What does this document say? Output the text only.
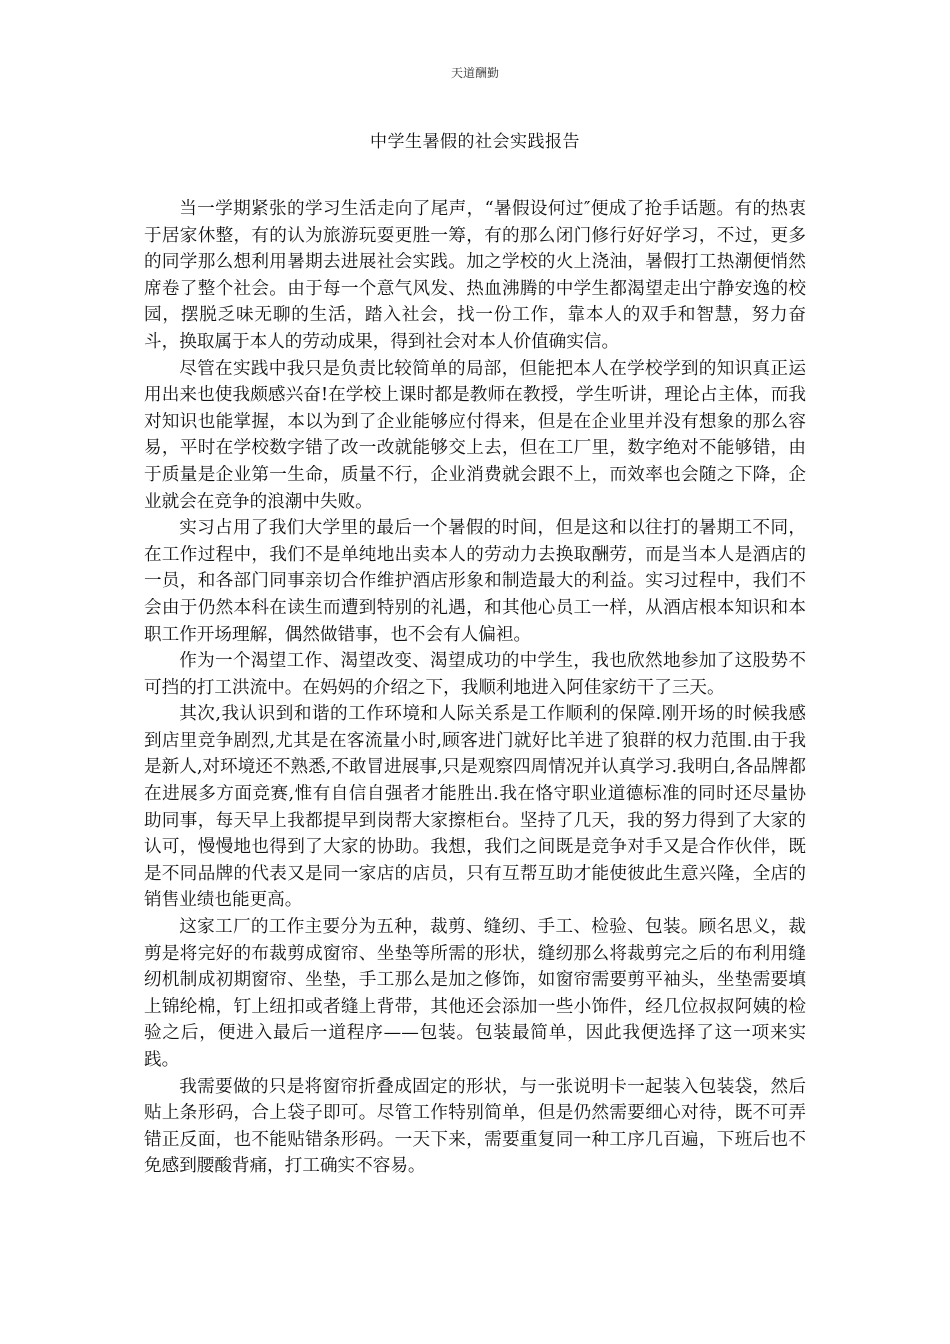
天道酬勤
中学生暑假的社会实践报告

当一学期紧张的学习生活走向了尾声，“暑假设何过″便成了抢手话题。有的热衷于居家休整，有的认为旅游玩耍更胜一筹，有的那么闭门修行好好学习，不过，更多的同学那么想利用暑期去进展社会实践。加之学校的火上浇油，暑假打工热潮便悄然席卷了整个社会。由于每一个意气风发、热血沸腾的中学生都渴望走出宁静安逸的校园，摆脱乏味无聊的生活，踏入社会，找一份工作，靠本人的双手和智慧，努力奋斗，换取属于本人的劳动成果，得到社会对本人价值确实信。

尽管在实践中我只是负责比较简单的局部，但能把本人在学校学到的知识真正运用出来也使我颇感兴奋!在学校上课时都是教师在教授，学生听讲，理论占主体，而我对知识也能掌握，本以为到了企业能够应付得来，但是在企业里并没有想象的那么容易，平时在学校数字错了改一改就能够交上去，但在工厂里，数字绝对不能够错，由于质量是企业第一生命，质量不行，企业消费就会跟不上，而效率也会随之下降，企业就会在竞争的浪潮中失败。

实习占用了我们大学里的最后一个暑假的时间，但是这和以往打的暑期工不同，在工作过程中，我们不是单纯地出卖本人的劳动力去换取酬劳，而是当本人是酒店的一员，和各部门同事亲切合作维护酒店形象和制造最大的利益。实习过程中，我们不会由于仍然本科在读生而遭到特别的礼遇，和其他心员工一样，从酒店根本知识和本职工作开场理解，偶然做错事，也不会有人偏袒。

作为一个渴望工作、渴望改变、渴望成功的中学生，我也欣然地参加了这股势不可挡的打工洪流中。在妈妈的介绍之下，我顺利地进入阿佳家纺干了三天。

其次,我认识到和谐的工作环境和人际关系是工作顺利的保障.刚开场的时候我感到店里竞争剧烈,尤其是在客流量小时,顾客进门就好比羊进了狼群的权力范围.由于我是新人,对环境还不熟悉,不敢冒进展事,只是观察四周情况并认真学习.我明白,各品牌都在进展多方面竞赛,惟有自信自强者才能胜出.我在恪守职业道德标准的同时还尽量协助同事，每天早上我都提早到岗帮大家擦柜台。坚持了几天，我的努力得到了大家的认可，慢慢地也得到了大家的协助。我想，我们之间既是竞争对手又是合作伙伴，既是不同品牌的代表又是同一家店的店员，只有互帮互助才能使彼此生意兴隆，全店的销售业绩也能更高。

这家工厂的工作主要分为五种，裁剪、缝纫、手工、检验、包装。顾名思义，裁剪是将完好的布裁剪成窗帘、坐垫等所需的形状，缝纫那么将裁剪完之后的布利用缝纫机制成初期窗帘、坐垫，手工那么是加之修饰，如窗帘需要剪平袖头，坐垫需要填上锦纶棉，钉上纽扣或者缝上背带，其他还会添加一些小饰件，经几位叔叔阿姨的检验之后，便进入最后一道程序——包装。包装最简单，因此我便选择了这一项来实践。

我需要做的只是将窗帘折叠成固定的形状，与一张说明卡一起装入包装袋，然后贴上条形码，合上袋子即可。尽管工作特别简单，但是仍然需要细心对待，既不可弄错正反面，也不能贴错条形码。一天下来，需要重复同一种工序几百遍，下班后也不免感到腰酸背痛，打工确实不容易。
